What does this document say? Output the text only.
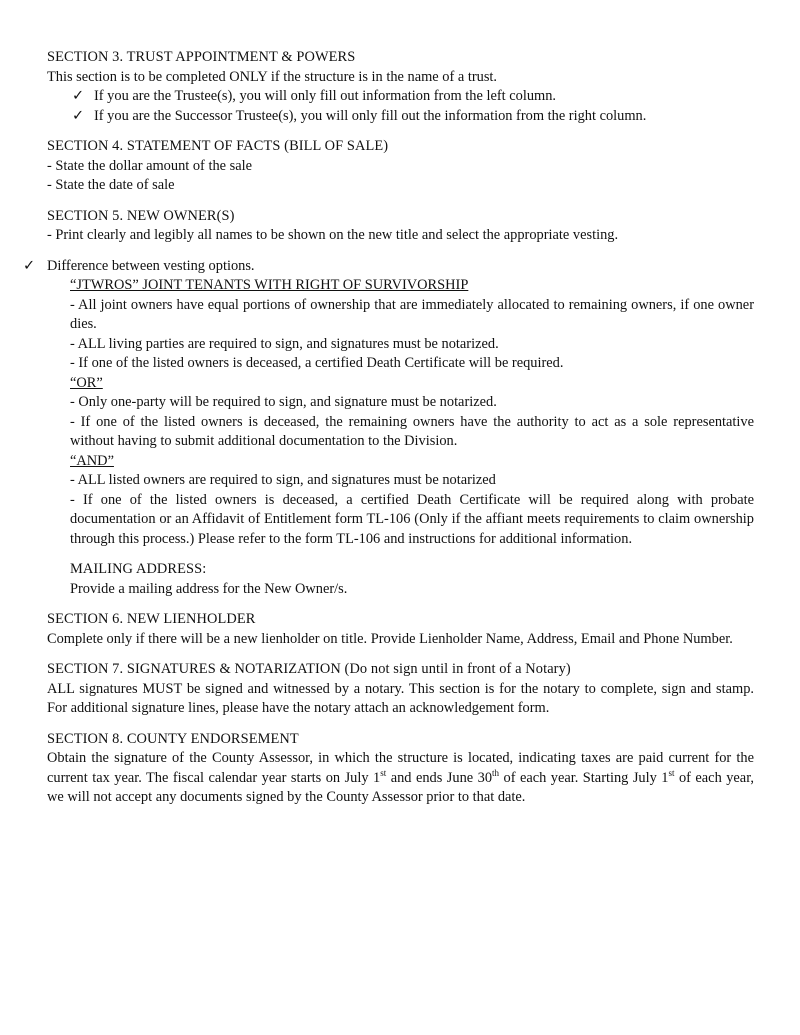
SECTION 3. TRUST APPOINTMENT & POWERS
This section is to be completed ONLY if the structure is in the name of a trust.
✓ If you are the Trustee(s), you will only fill out information from the left column.
✓ If you are the Successor Trustee(s), you will only fill out the information from the right column.
SECTION 4. STATEMENT OF FACTS (BILL OF SALE)
- State the dollar amount of the sale
- State the date of sale
SECTION 5. NEW OWNER(S)
- Print clearly and legibly all names to be shown on the new title and select the appropriate vesting.
✓ Difference between vesting options.
“JTWROS” JOINT TENANTS WITH RIGHT OF SURVIVORSHIP
- All joint owners have equal portions of ownership that are immediately allocated to remaining owners, if one owner dies.
- ALL living parties are required to sign, and signatures must be notarized.
- If one of the listed owners is deceased, a certified Death Certificate will be required.
“OR”
- Only one-party will be required to sign, and signature must be notarized.
- If one of the listed owners is deceased, the remaining owners have the authority to act as a sole representative without having to submit additional documentation to the Division.
“AND”
- ALL listed owners are required to sign, and signatures must be notarized
- If one of the listed owners is deceased, a certified Death Certificate will be required along with probate documentation or an Affidavit of Entitlement form TL-106 (Only if the affiant meets requirements to claim ownership through this process.) Please refer to the form TL-106 and instructions for additional information.
MAILING ADDRESS:
Provide a mailing address for the New Owner/s.
SECTION 6. NEW LIENHOLDER
Complete only if there will be a new lienholder on title. Provide Lienholder Name, Address, Email and Phone Number.
SECTION 7. SIGNATURES & NOTARIZATION (Do not sign until in front of a Notary)
ALL signatures MUST be signed and witnessed by a notary. This section is for the notary to complete, sign and stamp. For additional signature lines, please have the notary attach an acknowledgement form.
SECTION 8. COUNTY ENDORSEMENT
Obtain the signature of the County Assessor, in which the structure is located, indicating taxes are paid current for the current tax year. The fiscal calendar year starts on July 1st and ends June 30th of each year. Starting July 1st of each year, we will not accept any documents signed by the County Assessor prior to that date.
